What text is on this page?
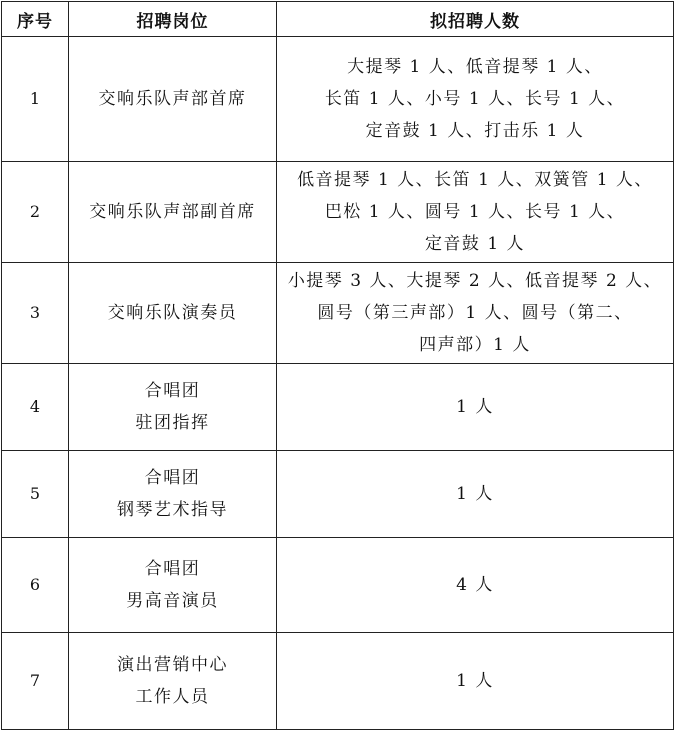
序号	招聘岗位	拟招聘人数
1	交响乐队声部首席	大提琴 1 人、低音提琴 1 人、
长笛 1 人、小号 1 人、长号 1 人、
定音鼓 1 人、打击乐 1 人

2	交响乐队声部副首席	低音提琴 1 人、长笛 1 人、双簧管 1 人、
巴松 1 人、圆号 1 人、长号 1 人、
定音鼓 1 人

3	交响乐队演奏员	小提琴 3 人、大提琴 2 人、低音提琴 2 人、
圆号（第三声部）1 人、圆号（第二、
四声部）1 人

4	合唱团
驻团指挥	1 人

5	合唱团
钢琴艺术指导	1 人

6	合唱团
男高音演员	4 人

7	演出营销中心
工作人员	1 人
